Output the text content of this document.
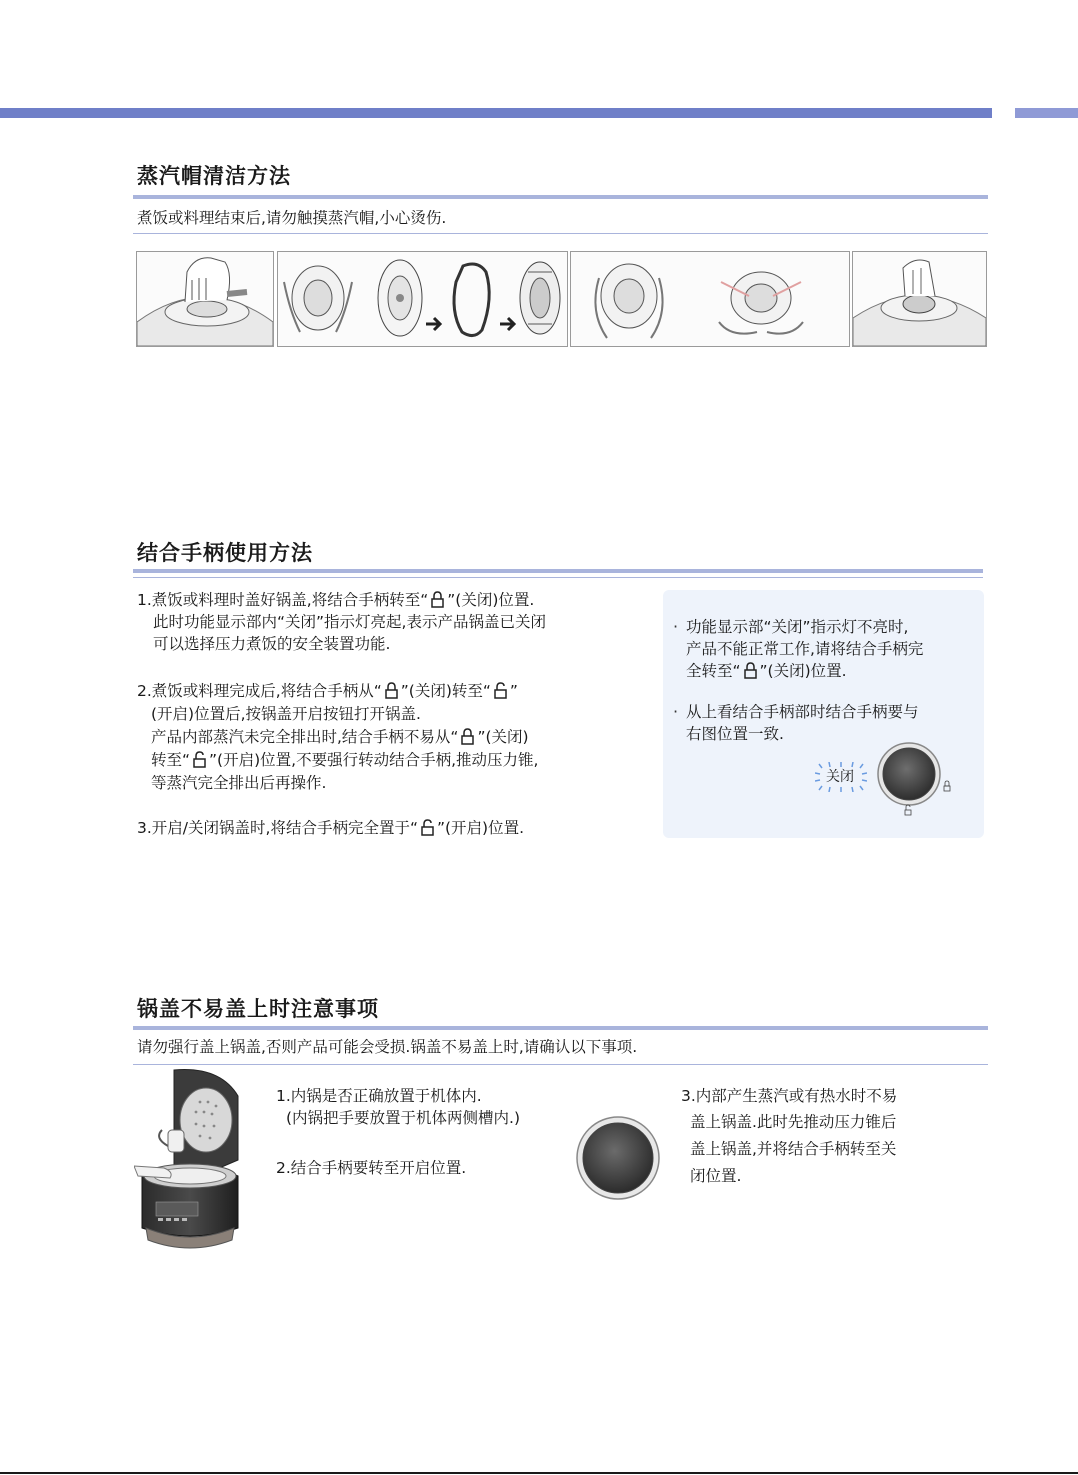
蒸汽帽清洁方法
煮饭或料理结束后,请勿触摸蒸汽帽,小心烫伤.
结合手柄使用方法
1.煮饭或料理时盖好锅盖,将结合手柄转至“ ”(关闭)位置.
此时功能显示部内“关闭”指示灯亮起,表示产品锅盖已关闭
可以选择压力煮饭的安全装置功能.
2.煮饭或料理完成后,将结合手柄从“ ”(关闭)转至“ ”
(开启)位置后,按锅盖开启按钮打开锅盖.
产品内部蒸汽未完全排出时,结合手柄不易从“ ”(关闭)
转至“ ”(开启)位置,不要强行转动结合手柄,推动压力锥,
等蒸汽完全排出后再操作.
3.开启/关闭锅盖时,将结合手柄完全置于“ ”(开启)位置.
· 功能显示部“关闭”指示灯不亮时,
产品不能正常工作,请将结合手柄完
全转至“ ”(关闭)位置.
· 从上看结合手柄部时结合手柄要与
右图位置一致.
关闭
锅盖不易盖上时注意事项
请勿强行盖上锅盖,否则产品可能会受损.锅盖不易盖上时,请确认以下事项.
1.内锅是否正确放置于机体内.
(内锅把手要放置于机体两侧槽内.)
2.结合手柄要转至开启位置.
3.内部产生蒸汽或有热水时不易
盖上锅盖.此时先推动压力锥后
盖上锅盖,并将结合手柄转至关
闭位置.
